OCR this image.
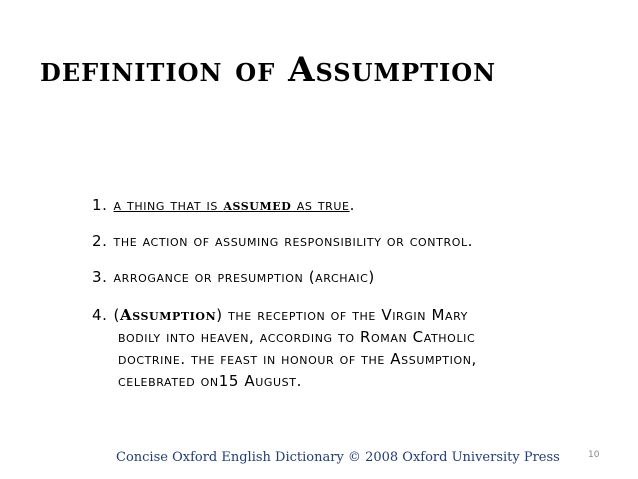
definition of Assumption
1. a thing that is assumed as true.
2. the action of assuming responsibility or control.
3. arrogance or presumption (archaic)
4. (Assumption) the reception of the Virgin Mary
bodily into heaven, according to Roman Catholic
doctrine. the feast in honour of the Assumption,
celebrated on15 August.
Concise Oxford English Dictionary © 2008 Oxford University Press	10
